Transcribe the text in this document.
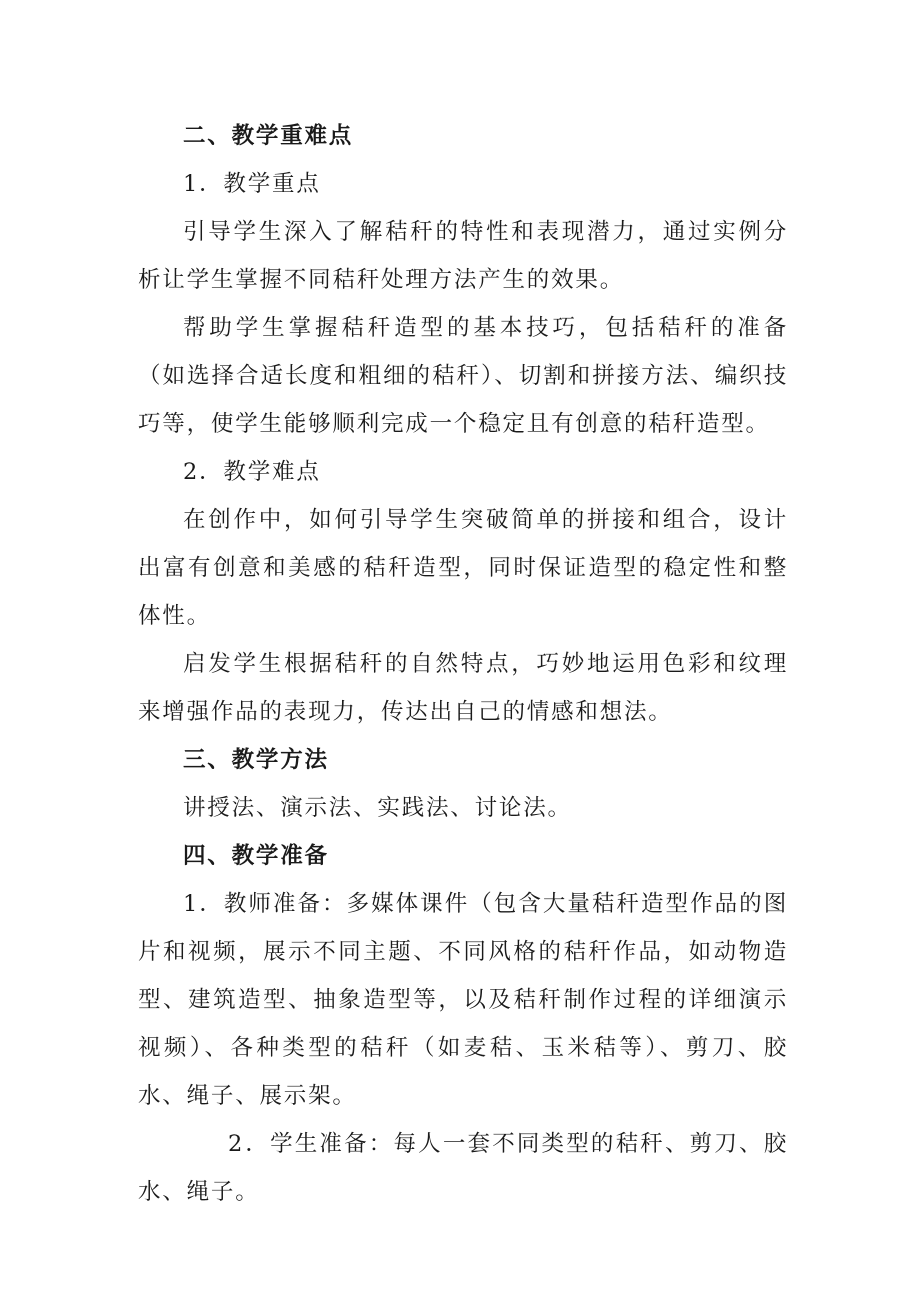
二、教学重难点

1．教学重点

引导学生深入了解秸秆的特性和表现潜力，通过实例分析让学生掌握不同秸秆处理方法产生的效果。

帮助学生掌握秸秆造型的基本技巧，包括秸秆的准备（如选择合适长度和粗细的秸秆）、切割和拼接方法、编织技巧等，使学生能够顺利完成一个稳定且有创意的秸秆造型。

2．教学难点

在创作中，如何引导学生突破简单的拼接和组合，设计出富有创意和美感的秸秆造型，同时保证造型的稳定性和整体性。

启发学生根据秸秆的自然特点，巧妙地运用色彩和纹理来增强作品的表现力，传达出自己的情感和想法。

三、教学方法

讲授法、演示法、实践法、讨论法。

四、教学准备

1．教师准备：多媒体课件（包含大量秸秆造型作品的图片和视频，展示不同主题、不同风格的秸秆作品，如动物造型、建筑造型、抽象造型等，以及秸秆制作过程的详细演示视频）、各种类型的秸秆（如麦秸、玉米秸等）、剪刀、胶水、绳子、展示架。

2．学生准备：每人一套不同类型的秸秆、剪刀、胶水、绳子。
